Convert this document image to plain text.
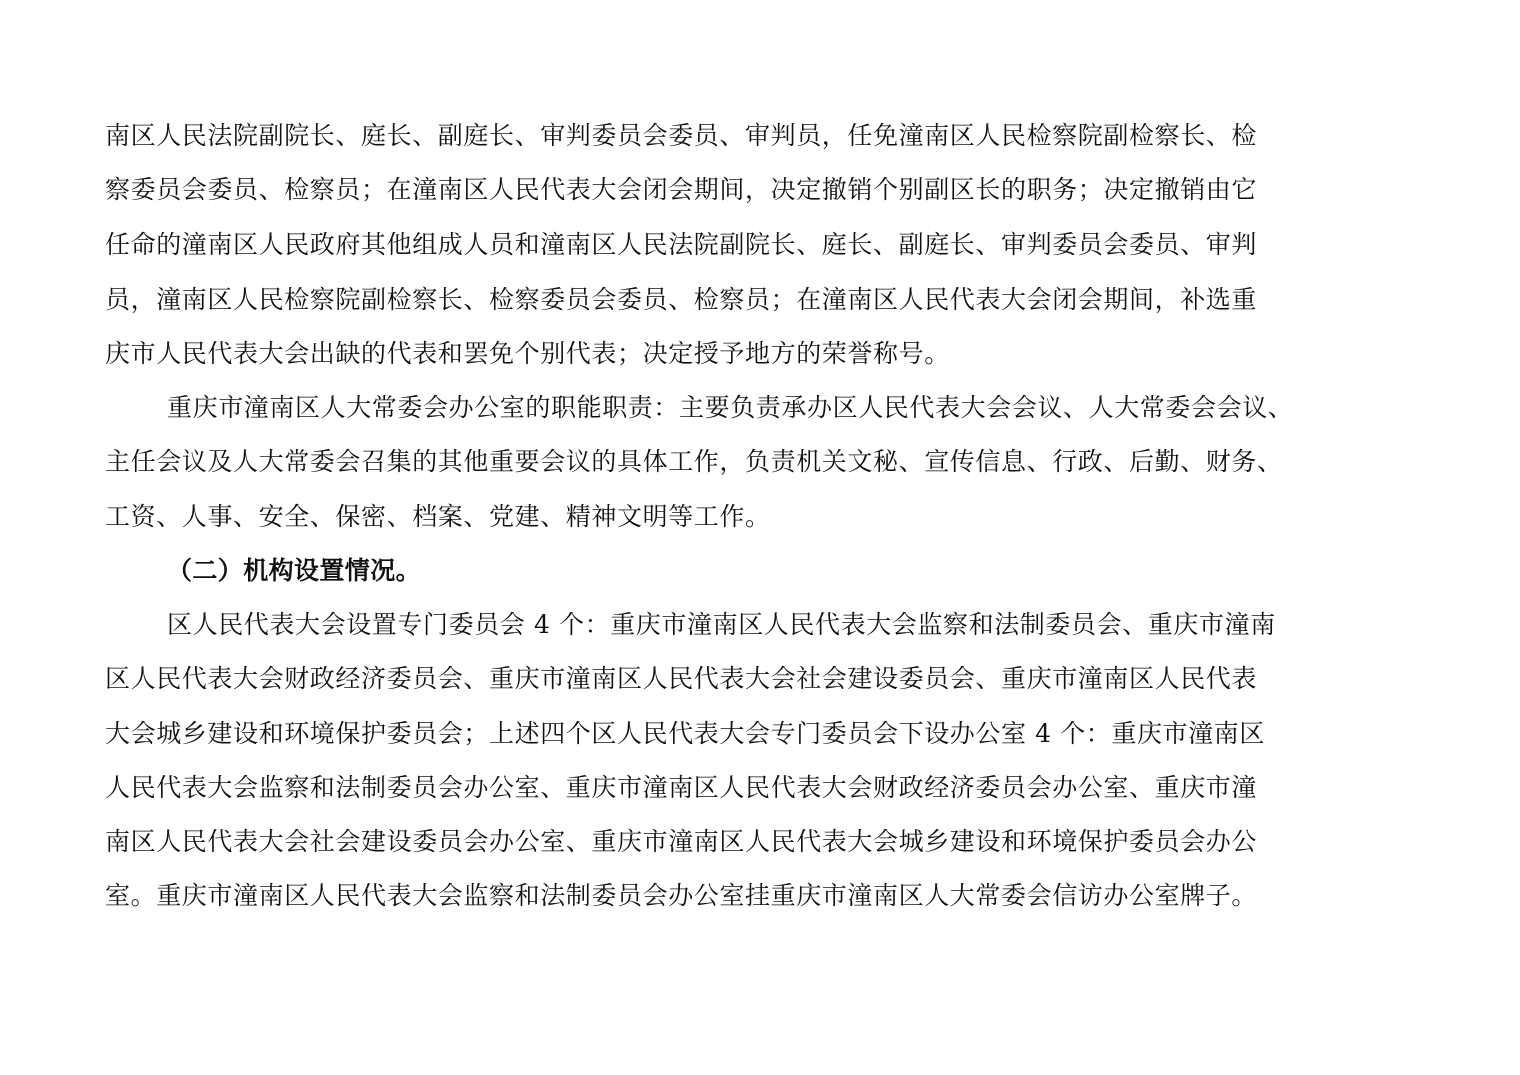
南区人民法院副院长、庭长、副庭长、审判委员会委员、审判员，任免潼南区人民检察院副检察长、检
察委员会委员、检察员；在潼南区人民代表大会闭会期间，决定撤销个别副区长的职务；决定撤销由它
任命的潼南区人民政府其他组成人员和潼南区人民法院副院长、庭长、副庭长、审判委员会委员、审判
员，潼南区人民检察院副检察长、检察委员会委员、检察员；在潼南区人民代表大会闭会期间，补选重
庆市人民代表大会出缺的代表和罢免个别代表；决定授予地方的荣誉称号。
重庆市潼南区人大常委会办公室的职能职责：主要负责承办区人民代表大会会议、人大常委会会议、
主任会议及人大常委会召集的其他重要会议的具体工作，负责机关文秘、宣传信息、行政、后勤、财务、
工资、人事、安全、保密、档案、党建、精神文明等工作。
（二）机构设置情况。
区人民代表大会设置专门委员会 4 个：重庆市潼南区人民代表大会监察和法制委员会、重庆市潼南
区人民代表大会财政经济委员会、重庆市潼南区人民代表大会社会建设委员会、重庆市潼南区人民代表
大会城乡建设和环境保护委员会；上述四个区人民代表大会专门委员会下设办公室 4 个：重庆市潼南区
人民代表大会监察和法制委员会办公室、重庆市潼南区人民代表大会财政经济委员会办公室、重庆市潼
南区人民代表大会社会建设委员会办公室、重庆市潼南区人民代表大会城乡建设和环境保护委员会办公
室。重庆市潼南区人民代表大会监察和法制委员会办公室挂重庆市潼南区人大常委会信访办公室牌子。
